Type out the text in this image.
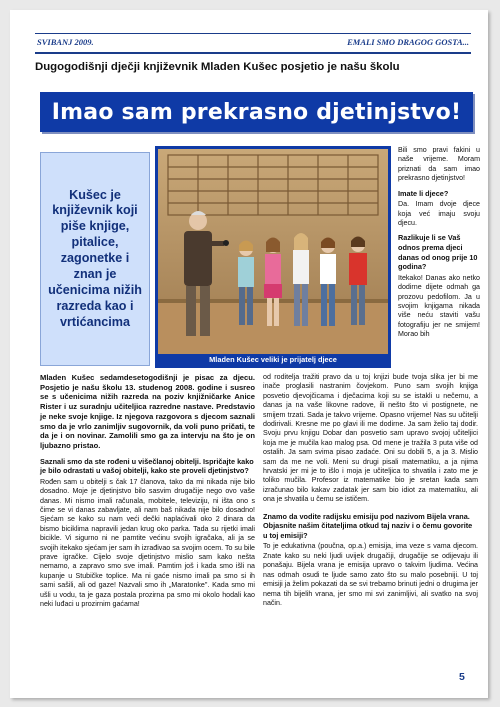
SVIBANJ 2009.	EMALI SMO DRAGOG GOSTA...
Dugogodišnji dječji književnik Mladen Kušec posjetio je našu školu
Imao sam prekrasno djetinjstvo!
Kušec je književnik koji piše knjige, pitalice, zagonetke i znan je učenicima nižih razreda kao i vrtićancima
Mladen Kušec veliki je prijatelj djece

Bili smo pravi fakini u naše vrijeme. Moram priznati da sam imao prekrasno djetinjstvo!

Imate li djece?

Da. Imam dvoje djece koja već imaju svoju djecu.

Razlikuje li se Vaš odnos prema djeci danas od onog prije 10 godina?

Itekako! Danas ako netko dodirne dijete odmah ga prozovu pedofilom. Ja u svojim knjigama nikada više neću staviti vašu fotografiju jer ne smijem! Morao bih

Mladen Kušec sedamdesetogodišnji je pisac za djecu. Posjetio je našu školu 13. studenog 2008. godine i susreo se s učenicima nižih razreda na poziv knjižničarke Anice Rister i uz suradnju učiteljica razredne nastave. Predstavio je neke svoje knjige. Iz njegova razgovora s djecom saznali smo da je vrlo zanimljiv sugovornik, da voli puno pričati, te da je i on novinar. Zamolili smo ga za intervju na što je on ljubazno pristao.

Saznali smo da ste rođeni u višečlanoj obitelji. Ispričajte kako je bilo odrastati u vašoj obitelji, kako ste proveli djetinjstvo?

Rođen sam u obitelji s čak 17 članova, tako da mi nikada nije bilo dosadno. Moje je djetinjstvo bilo sasvim drugačije nego ovo vaše danas. Mi nismo imali računala, mobitele, televiziju, ni išta ono s čime se vi danas zabavljate, ali nam baš nikada nije bilo dosadno! Sjećam se kako su nam veći dečki naplaćivali oko 2 dinara da bismo biciklima napravili jedan krug oko parka. Tada su rijetki imali bicikle. Vi sigurno ni ne pamtite većinu svojih igračaka, ali ja se svojih itekako sjećam jer sam ih izrađivao sa svojim ocem. To su bile prave igračke. Cijelo svoje djetinjstvo mislio sam kako nešta nemamo, a zapravo smo sve imali. Pamtim još i kada smo išli na kupanje u Stubičke toplice. Ma ni gaće nismo imali pa smo si ih sami sašili, ali od gaze! Nazvali smo ih „Maratonke". Kada smo mi ušli u vodu, ta je gaza postala prozirna pa smo mi okolo hodali kao neki luđaci u prozirnim gaćama!

od roditelja tražiti pravo da u toj knjizi bude tvoja slika jer bi me inače proglasili nastranim čovjekom. Puno sam svojih knjiga posvetio djevojčicama i dječacima koji su se istakli u nečemu, a danas ja na vaše likovne radove, ili nešto što vi postignete, ne smijem trzati. Sada je takvo vrijeme. Opasno vrijeme! Nas su učitelji dodirivali. Kresne me po glavi ili me dodirne. Ja sam želio taj dodir. Svoju prvu knjigu Dobar dan posvetio sam upravo svojoj učiteljici koja me je mučila kao malog psa. Od mene je tražila 3 puta više od ostalih. Ja sam svima pisao zadaće. Oni su dobili 5, a ja 3. Mislio sam da me ne voli. Meni su drugi pisali matematiku, a ja njima hrvatski jer mi je to išlo i moja je učiteljica to shvatila i zato me je toliko mučila. Profesor iz matematike bio je sretan kada sam izračunao bilo kakav zadatak jer sam bio idiot za matematiku, ali ona je shvatila u čemu se ističem.

Znamo da vodite radijsku emisiju pod nazivom Bijela vrana. Objasnite našim čitateljima otkud taj naziv i o čemu govorite u toj emisiji?

To je edukativna (poučna, op.a.) emisija, ima veze s vama djecom. Znate kako su neki ljudi uvijek drugačiji, drugačije se odijevaju ili ponašaju. Bijela vrana je emisija upravo o takvim ljudima. Većina nas odmah osudi te ljude samo zato što su malo posebniji. U toj emisiji ja želim pokazati da se svi trebamo brinuti jedni o drugima jer nema tih bijelih vrana, jer smo mi svi zanimljivi, ali svatko na svoj način.

5
